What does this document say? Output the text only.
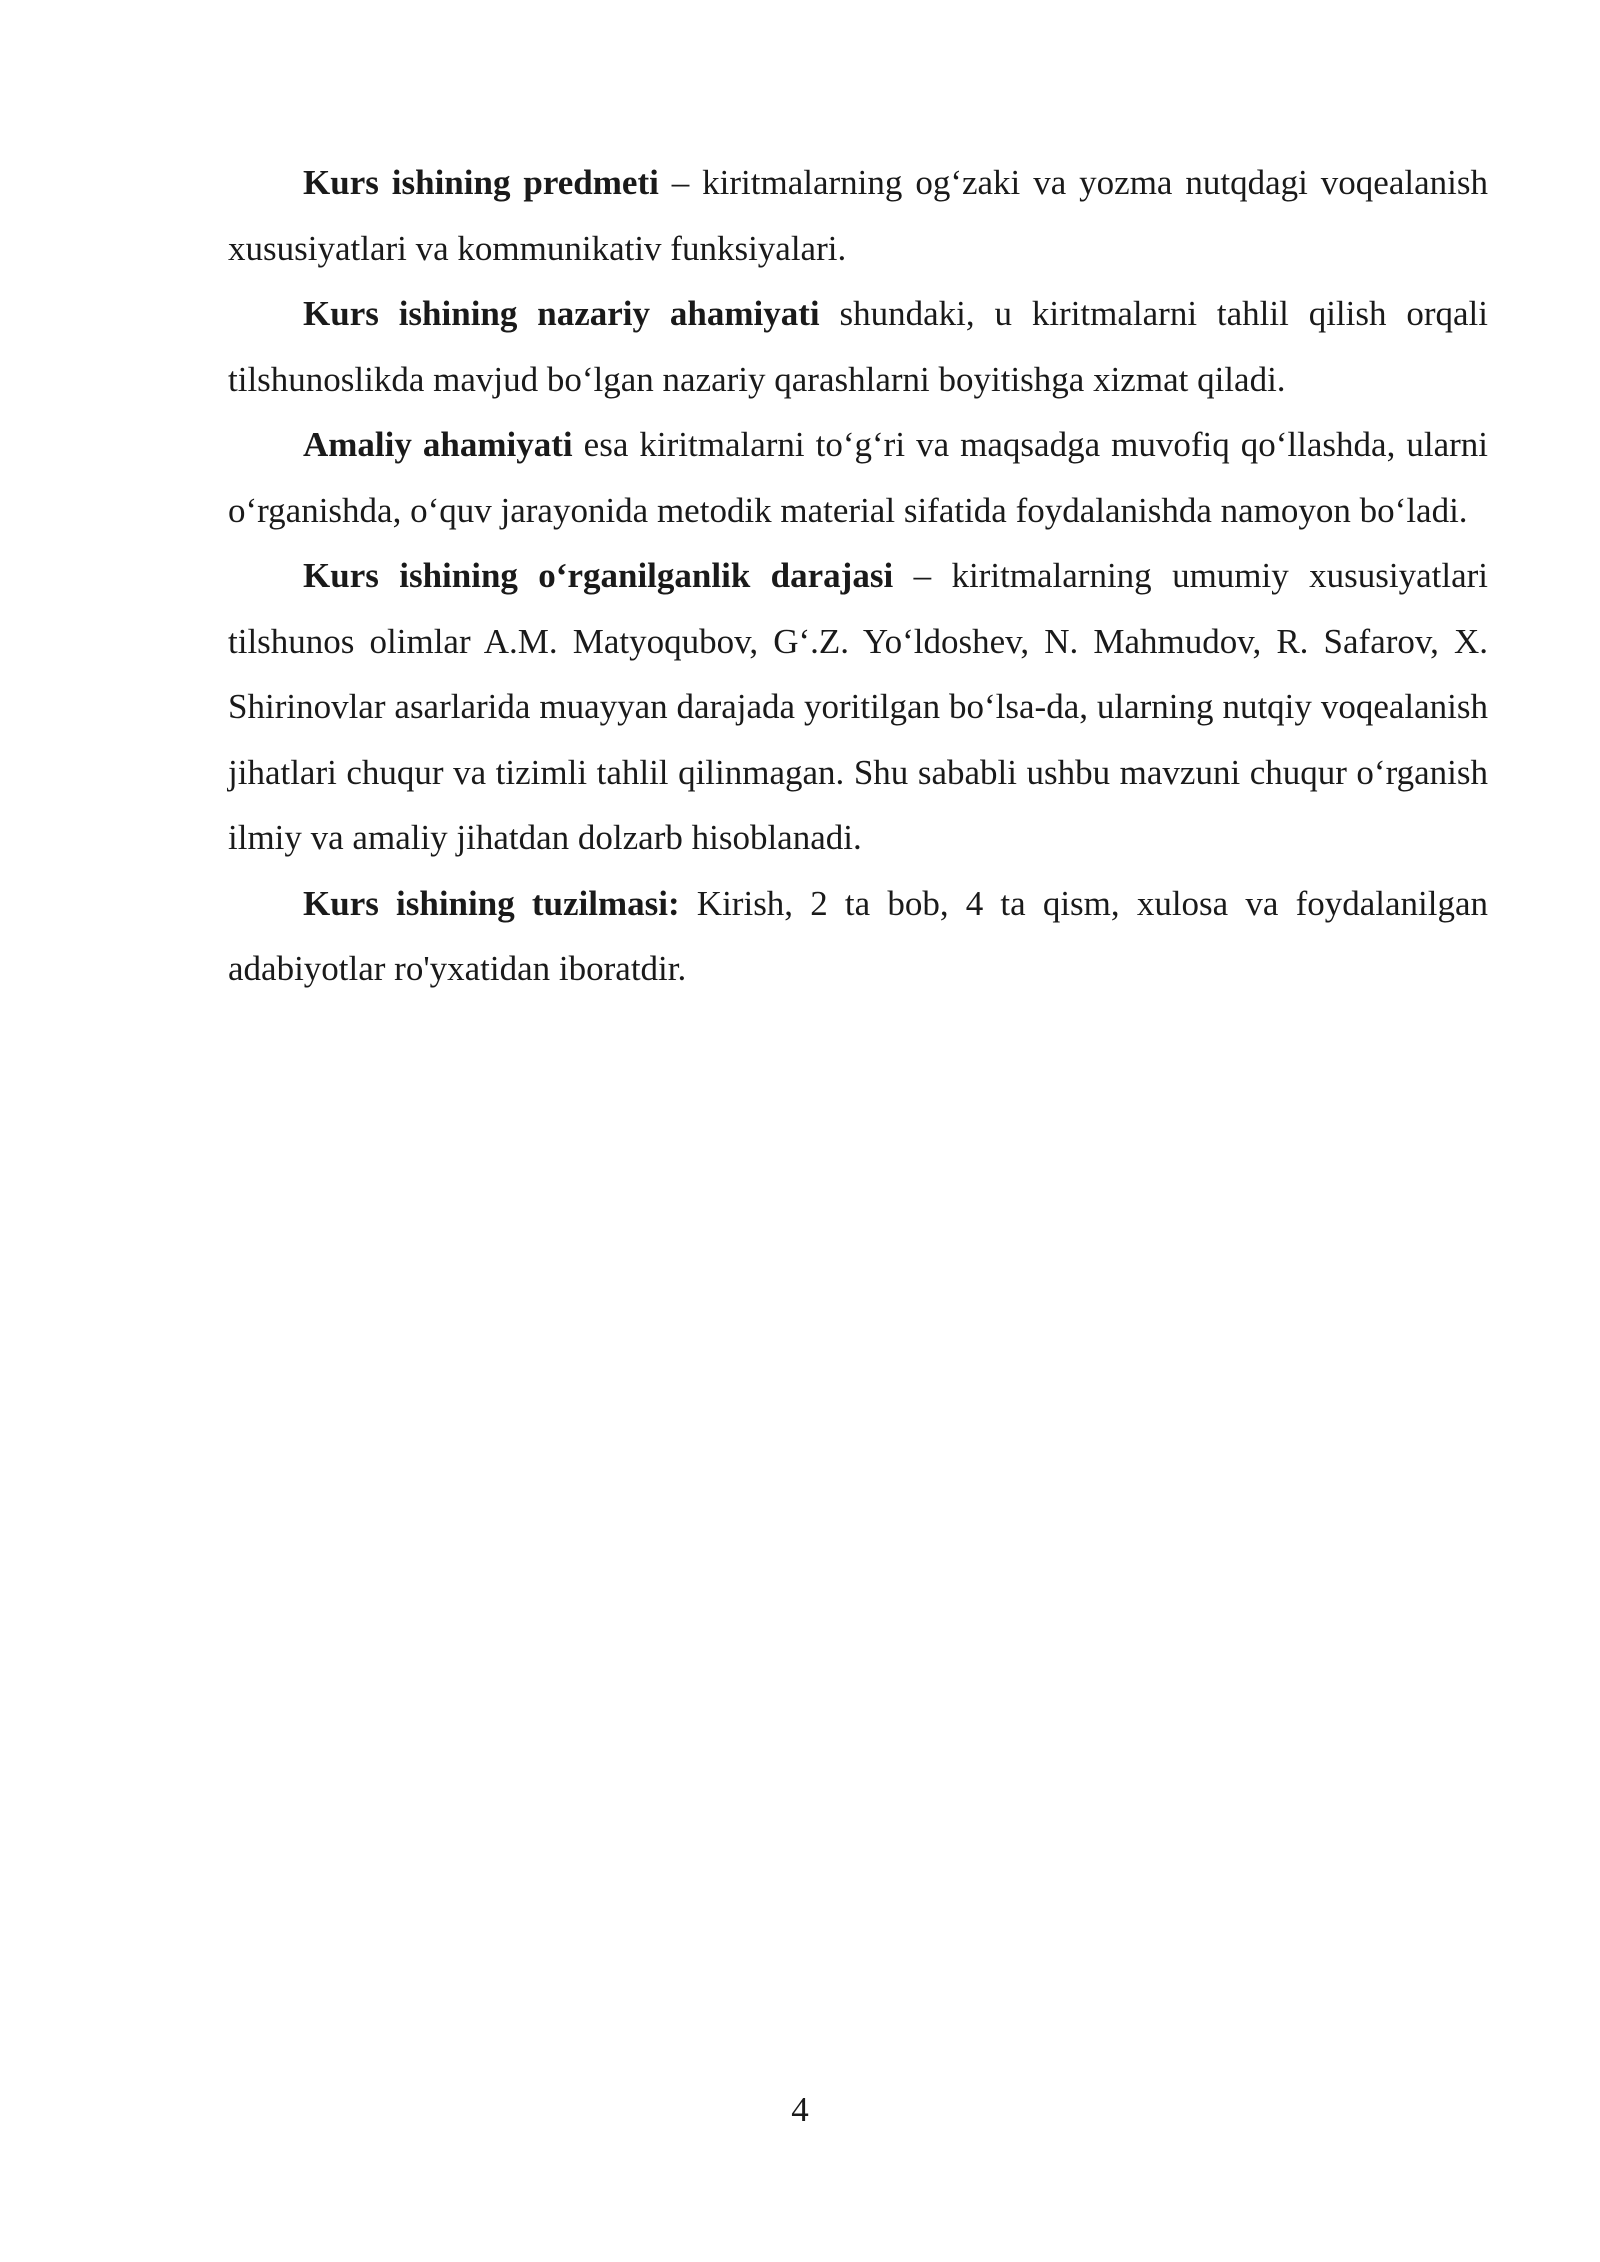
Kurs ishining predmeti – kiritmalarning og‘zaki va yozma nutqdagi voqealanish xususiyatlari va kommunikativ funksiyalari.

Kurs ishining nazariy ahamiyati shundaki, u kiritmalarni tahlil qilish orqali tilshunoslikda mavjud bo‘lgan nazariy qarashlarni boyitishga xizmat qiladi.

Amaliy ahamiyati esa kiritmalarni to‘g‘ri va maqsadga muvofiq qo‘llashda, ularni o‘rganishda, o‘quv jarayonida metodik material sifatida foydalanishda namoyon bo‘ladi.

Kurs ishining o‘rganilganlik darajasi – kiritmalarning umumiy xususiyatlari tilshunos olimlar A.M. Matyoqubov, G‘.Z. Yo‘ldoshev, N. Mahmudov, R. Safarov, X. Shirinovlar asarlarida muayyan darajada yoritilgan bo‘lsa-da, ularning nutqiy voqealanish jihatlari chuqur va tizimli tahlil qilinmagan. Shu sababli ushbu mavzuni chuqur o‘rganish ilmiy va amaliy jihatdan dolzarb hisoblanadi.

Kurs ishining tuzilmasi: Kirish, 2 ta bob, 4 ta qism, xulosa va foydalanilgan adabiyotlar ro'yxatidan iboratdir.

4
